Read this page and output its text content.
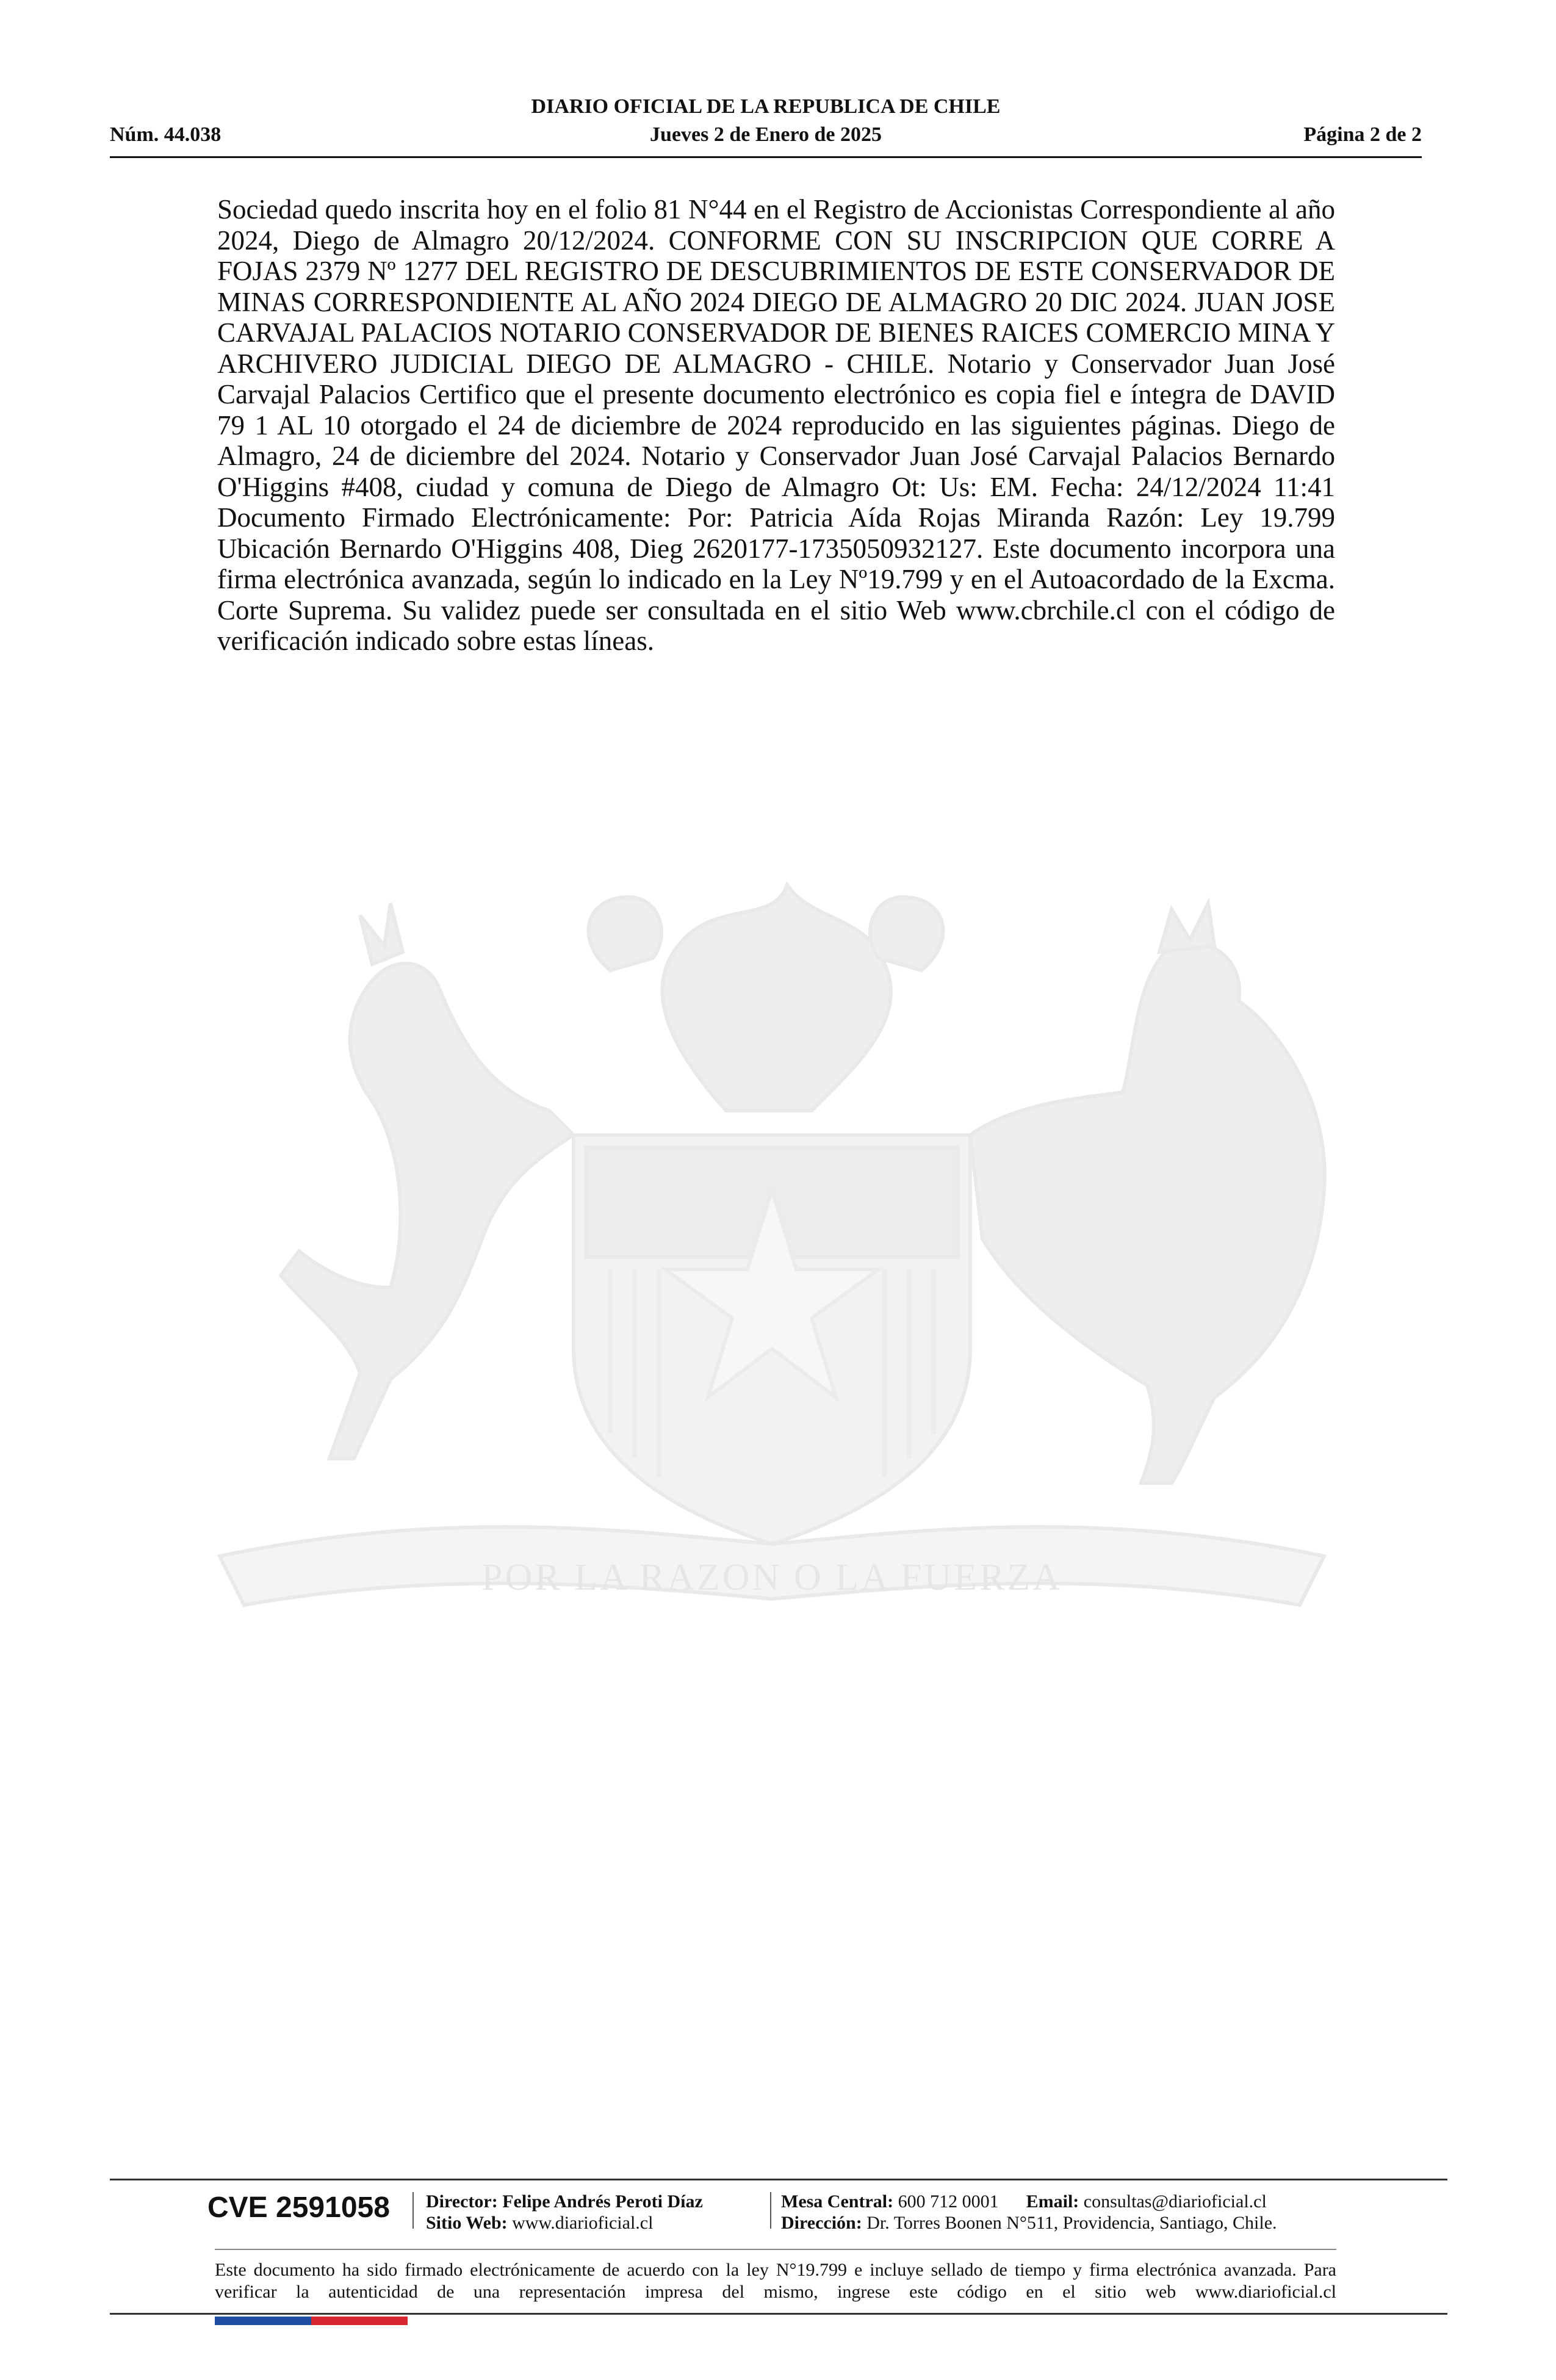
DIARIO OFICIAL DE LA REPUBLICA DE CHILE
Núm. 44.038	Jueves 2 de Enero de 2025	Página 2 de 2
Sociedad quedo inscrita hoy en el folio 81 N°44 en el Registro de Accionistas Correspondiente al año 2024, Diego de Almagro 20/12/2024. CONFORME CON SU INSCRIPCION QUE CORRE A FOJAS 2379 Nº 1277 DEL REGISTRO DE DESCUBRIMIENTOS DE ESTE CONSERVADOR DE MINAS CORRESPONDIENTE AL AÑO 2024 DIEGO DE ALMAGRO 20 DIC 2024. JUAN JOSE CARVAJAL PALACIOS NOTARIO CONSERVADOR DE BIENES RAICES COMERCIO MINA Y ARCHIVERO JUDICIAL DIEGO DE ALMAGRO - CHILE. Notario y Conservador Juan José Carvajal Palacios Certifico que el presente documento electrónico es copia fiel e íntegra de DAVID 79 1 AL 10 otorgado el 24 de diciembre de 2024 reproducido en las siguientes páginas. Diego de Almagro, 24 de diciembre del 2024. Notario y Conservador Juan José Carvajal Palacios Bernardo O'Higgins #408, ciudad y comuna de Diego de Almagro Ot: Us: EM. Fecha: 24/12/2024 11:41 Documento Firmado Electrónicamente: Por: Patricia Aída Rojas Miranda Razón: Ley 19.799 Ubicación Bernardo O'Higgins 408, Dieg 2620177-1735050932127. Este documento incorpora una firma electrónica avanzada, según lo indicado en la Ley Nº19.799 y en el Autoacordado de la Excma. Corte Suprema. Su validez puede ser consultada en el sitio Web www.cbrchile.cl con el código de verificación indicado sobre estas líneas.
POR LA RAZON O LA FUERZA
CVE 2591058 Director: Felipe Andrés Peroti Díaz
Sitio Web: www.diarioficial.cl
Mesa Central: 600 712 0001 Email: consultas@diarioficial.cl
Dirección: Dr. Torres Boonen N°511, Providencia, Santiago, Chile.
Este documento ha sido firmado electrónicamente de acuerdo con la ley N°19.799 e incluye sellado de tiempo y firma electrónica avanzada. Para verificar la autenticidad de una representación impresa del mismo, ingrese este código en el sitio web www.diarioficial.cl
